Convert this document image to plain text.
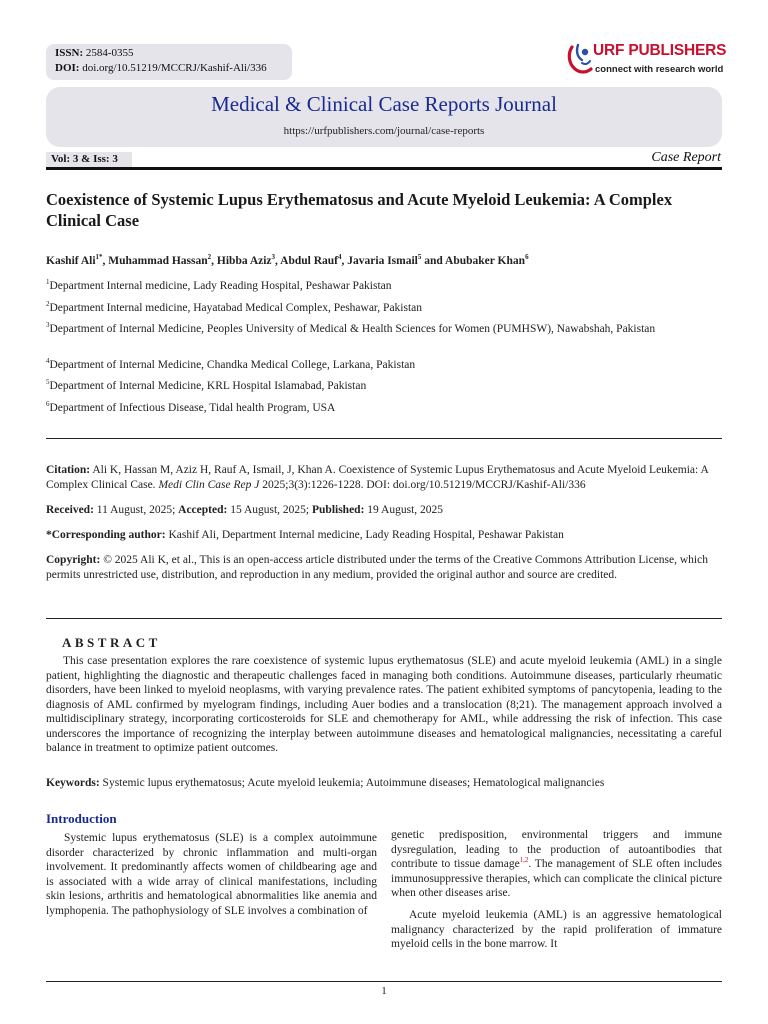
ISSN: 2584-0355
DOI: doi.org/10.51219/MCCRJ/Kashif-Ali/336
URF PUBLISHERS
connect with research world
Medical & Clinical Case Reports Journal
https://urfpublishers.com/journal/case-reports
Vol: 3 & Iss: 3	Case Report
Coexistence of Systemic Lupus Erythematosus and Acute Myeloid Leukemia: A Complex Clinical Case
Kashif Ali$^{1*}$, Muhammad Hassan$^2$, Hibba Aziz$^3$, Abdul Rauf$^4$, Javaria Ismail$^5$ and Abubaker Khan$^6$
$^1$Department Internal medicine, Lady Reading Hospital, Peshawar Pakistan
$^2$Department Internal medicine, Hayatabad Medical Complex, Peshawar, Pakistan
$^3$Department of Internal Medicine, Peoples University of Medical & Health Sciences for Women (PUMHSW), Nawabshah, Pakistan
$^4$Department of Internal Medicine, Chandka Medical College, Larkana, Pakistan
$^5$Department of Internal Medicine, KRL Hospital Islamabad, Pakistan
$^6$Department of Infectious Disease, Tidal health Program, USA
Citation: Ali K, Hassan M, Aziz H, Rauf A, Ismail, J, Khan A. Coexistence of Systemic Lupus Erythematosus and Acute Myeloid Leukemia: A Complex Clinical Case. Medi Clin Case Rep J 2025;3(3):1226-1228. DOI: doi.org/10.51219/MCCRJ/Kashif-Ali/336
Received: 11 August, 2025; Accepted: 15 August, 2025; Published: 19 August, 2025
*Corresponding author: Kashif Ali, Department Internal medicine, Lady Reading Hospital, Peshawar Pakistan
Copyright: © 2025 Ali K, et al., This is an open-access article distributed under the terms of the Creative Commons Attribution License, which permits unrestricted use, distribution, and reproduction in any medium, provided the original author and source are credited.
ABSTRACT
This case presentation explores the rare coexistence of systemic lupus erythematosus (SLE) and acute myeloid leukemia (AML) in a single patient, highlighting the diagnostic and therapeutic challenges faced in managing both conditions. Autoimmune diseases, particularly rheumatic disorders, have been linked to myeloid neoplasms, with varying prevalence rates. The patient exhibited symptoms of pancytopenia, leading to the diagnosis of AML confirmed by myelogram findings, including Auer bodies and a translocation (8;21). The management approach involved a multidisciplinary strategy, incorporating corticosteroids for SLE and chemotherapy for AML, while addressing the risk of infection. This case underscores the importance of recognizing the interplay between autoimmune diseases and hematological malignancies, necessitating a careful balance in treatment to optimize patient outcomes.
Keywords: Systemic lupus erythematosus; Acute myeloid leukemia; Autoimmune diseases; Hematological malignancies
Introduction

Systemic lupus erythematosus (SLE) is a complex autoimmune disorder characterized by chronic inflammation and multi-organ involvement. It predominantly affects women of childbearing age and is associated with a wide array of clinical manifestations, including skin lesions, arthritis and hematological abnormalities like anemia and lymphopenia. The pathophysiology of SLE involves a combination of

genetic predisposition, environmental triggers and immune dysregulation, leading to the production of autoantibodies that contribute to tissue damage$^{1,2}$. The management of SLE often includes immunosuppressive therapies, which can complicate the clinical picture when other diseases arise.

Acute myeloid leukemia (AML) is an aggressive hematological malignancy characterized by the rapid proliferation of immature myeloid cells in the bone marrow. It

1
